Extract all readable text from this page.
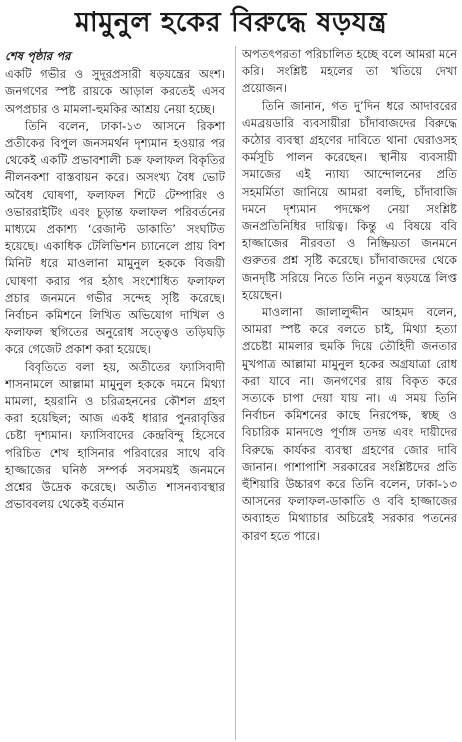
মামুনুল হকের বিরুদ্ধে ষড়যন্ত্র
শেষ পৃষ্ঠার পর

একটি গভীর ও সুদূরপ্রসারী ষড়যন্ত্রের অংশ। জনগণের স্পষ্ট রায়কে আড়াল করতেই এসব অপপ্রচার ও মামলা-হুমকির আশ্রয় নেয়া হচ্ছে।

তিনি বলেন, ঢাকা-১৩ আসনে রিকশা প্রতীকের বিপুল জনসমর্থন দৃশ্যমান হওয়ার পর থেকেই একটি প্রভাবশালী চক্র ফলাফল বিকৃতির নীলনকশা বাস্তবায়ন করে। অসংখ্য বৈধ ভোট অবৈধ ঘোষণা, ফলাফল শিটে টেম্পারিং ও ওভাররাইটিং এবং চূড়ান্ত ফলাফল পরিবর্তনের মাধ্যমে প্রকাশ্য ‘রেজাল্ট ডাকাতি’ সংঘটিত হয়েছে। একাধিক টেলিভিশন চ্যানেলে প্রায় বিশ মিনিট ধরে মাওলানা মামুনুল হককে বিজয়ী ঘোষণা করার পর হঠাৎ সংশোধিত ফলাফল প্রচার জনমনে গভীর সন্দেহ সৃষ্টি করেছে। নির্বাচন কমিশনে লিখিত অভিযোগ দাখিল ও ফলাফল স্থগিতের অনুরোধ সত্ত্বেও তড়িঘড়ি করে গেজেট প্রকাশ করা হয়েছে।

বিবৃতিতে বলা হয়, অতীতের ফ্যাসিবাদী শাসনামলে আল্লামা মামুনুল হককে দমনে মিথ্যা মামলা, হয়রানি ও চরিত্রহননের কৌশল গ্রহণ করা হয়েছিল; আজ একই ধারার পুনরাবৃত্তির চেষ্টা দৃশ্যমান। ফ্যাসিবাদের কেন্দ্রবিন্দু হিসেবে পরিচিত শেখ হাসিনার পরিবারের সাথে ববি হাজ্জাজের ঘনিষ্ঠ সম্পর্ক সবসময়ই জনমনে প্রশ্নের উদ্রেক করেছে। অতীত শাসনব্যবস্থার প্রভাববলয় থেকেই বর্তমান

অপতৎপরতা পরিচালিত হচ্ছে বলে আমরা মনে করি। সংশ্লিষ্ট মহলের তা খতিয়ে দেখা প্রয়োজন।

তিনি জানান, গত দু’দিন ধরে আদাবরের এমব্রয়ডারি ব্যবসায়ীরা চাঁদাবাজদের বিরুদ্ধে কঠোর ব্যবস্থা গ্রহণের দাবিতে থানা ঘেরাওসহ কর্মসূচি পালন করেছেন। স্থানীয় ব্যবসায়ী সমাজের এই ন্যায্য আন্দোলনের প্রতি সহমর্মিতা জানিয়ে আমরা বলছি, চাঁদাবাজি দমনে দৃশ্যমান পদক্ষেপ নেয়া সংশ্লিষ্ট জনপ্রতিনিধির দায়িত্ব। কিন্তু এ বিষয়ে ববি হাজ্জাজের নীরবতা ও নিষ্ক্রিয়তা জনমনে গুরুতর প্রশ্ন সৃষ্টি করেছে। চাঁদাবাজদের থেকে জনদৃষ্টি সরিয়ে নিতে তিনি নতুন ষড়যন্ত্রে লিপ্ত হয়েছেন।

মাওলানা জালালুদ্দীন আহমদ বলেন, আমরা স্পষ্ট করে বলতে চাই, মিথ্যা হত্যা প্রচেষ্টা মামলার হুমকি দিয়ে তৌহিদী জনতার মুখপাত্র আল্লামা মামুনুল হকের অগ্রযাত্রা রোধ করা যাবে না। জনগণের রায় বিকৃত করে সত্যকে চাপা দেয়া যায় না। এ সময় তিনি নির্বাচন কমিশনের কাছে নিরপেক্ষ, স্বচ্ছ ও বিচারিক মানদণ্ডে পূর্ণাঙ্গ তদন্ত এবং দায়ীদের বিরুদ্ধে কার্যকর ব্যবস্থা গ্রহণের জোর দাবি জানান। পাশাপাশি সরকারের সংশ্লিষ্টদের প্রতি হুঁশিয়ারি উচ্চারণ করে তিনি বলেন, ঢাকা-১৩ আসনের ফলাফল-ডাকাতি ও ববি হাজ্জাজের অব্যাহত মিথ্যাচার অচিরেই সরকার পতনের কারণ হতে পারে।
